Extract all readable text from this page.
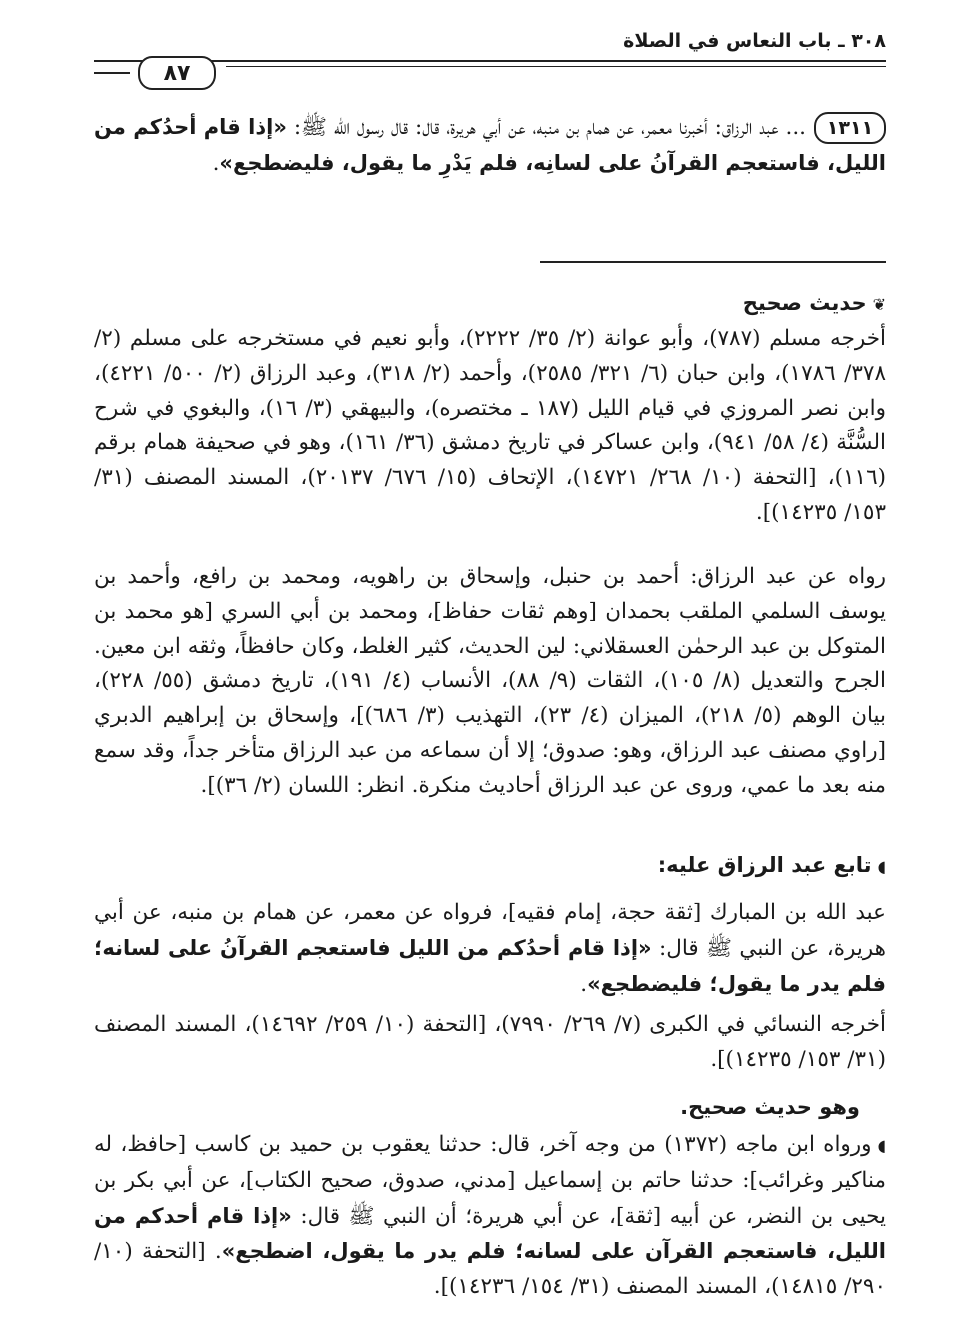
٣٠٨ ـ باب النعاس في الصلاة
٨٧
١٣١١... عبد الرزاق: أخبرنا معمر، عن همام بن منبه، عن أبي هريرة، قال: قال رسول الله ﷺ: «إذا قام أحدُكم من الليل، فاستعجم القرآنُ على لسانِه، فلم يَدْرِ ما يقول، فليضطجع».
❦حديث صحيح
أخرجه مسلم (٧٨٧)، وأبو عوانة (٢/ ٣٥/ ٢٢٢٢)، وأبو نعيم في مستخرجه على مسلم (٢/ ٣٧٨/ ١٧٨٦)، وابن حبان (٦/ ٣٢١/ ٢٥٨٥)، وأحمد (٢/ ٣١٨)، وعبد الرزاق (٢/ ٥٠٠/ ٤٢٢١)، وابن نصر المروزي في قيام الليل (١٨٧ ـ مختصره)، والبيهقي (٣/ ١٦)، والبغوي في شرح السُّنَّة (٤/ ٥٨/ ٩٤١)، وابن عساكر في تاريخ دمشق (٣٦/ ١٦١)، وهو في صحيفة همام برقم (١١٦)، [التحفة (١٠/ ٢٦٨/ ١٤٧٢١)، الإتحاف (١٥/ ٦٧٦/ ٢٠١٣٧)، المسند المصنف (٣١/ ١٥٣/ ١٤٢٣٥)].
رواه عن عبد الرزاق: أحمد بن حنبل، وإسحاق بن راهويه، ومحمد بن رافع، وأحمد بن يوسف السلمي الملقب بحمدان [وهم ثقات حفاظ]، ومحمد بن أبي السري [هو محمد بن المتوكل بن عبد الرحمٰن العسقلاني: لين الحديث، كثير الغلط، وكان حافظاً، وثقه ابن معين. الجرح والتعديل (٨/ ١٠٥)، الثقات (٩/ ٨٨)، الأنساب (٤/ ١٩١)، تاريخ دمشق (٥٥/ ٢٢٨)، بيان الوهم (٥/ ٢١٨)، الميزان (٤/ ٢٣)، التهذيب (٣/ ٦٨٦)]، وإسحاق بن إبراهيم الدبري [راوي مصنف عبد الرزاق، وهو: صدوق؛ إلا أن سماعه من عبد الرزاق متأخر جداً، وقد سمع منه بعد ما عمي، وروى عن عبد الرزاق أحاديث منكرة. انظر: اللسان (٢/ ٣٦)].
◖تابع عبد الرزاق عليه:
عبد الله بن المبارك [ثقة حجة، إمام فقيه]، فرواه عن معمر، عن همام بن منبه، عن أبي هريرة، عن النبي ﷺ قال: «إذا قام أحدُكم من الليل فاستعجم القرآنُ على لسانه؛ فلم يدر ما يقول؛ فليضطجع».
أخرجه النسائي في الكبرى (٧/ ٢٦٩/ ٧٩٩٠)، [التحفة (١٠/ ٢٥٩/ ١٤٦٩٢)، المسند المصنف (٣١/ ١٥٣/ ١٤٢٣٥)].
وهو حديث صحيح.
◖ورواه ابن ماجه (١٣٧٢) من وجه آخر، قال: حدثنا يعقوب بن حميد بن كاسب [حافظ، له مناكير وغرائب]: حدثنا حاتم بن إسماعيل [مدني، صدوق، صحيح الكتاب]، عن أبي بكر بن يحيى بن النضر، عن أبيه [ثقة]، عن أبي هريرة؛ أن النبي ﷺ قال: «إذا قام أحدكم من الليل، فاستعجم القرآن على لسانه؛ فلم يدر ما يقول، اضطجع». [التحفة (١٠/ ٢٩٠/ ١٤٨١٥)، المسند المصنف (٣١/ ١٥٤/ ١٤٢٣٦)].
